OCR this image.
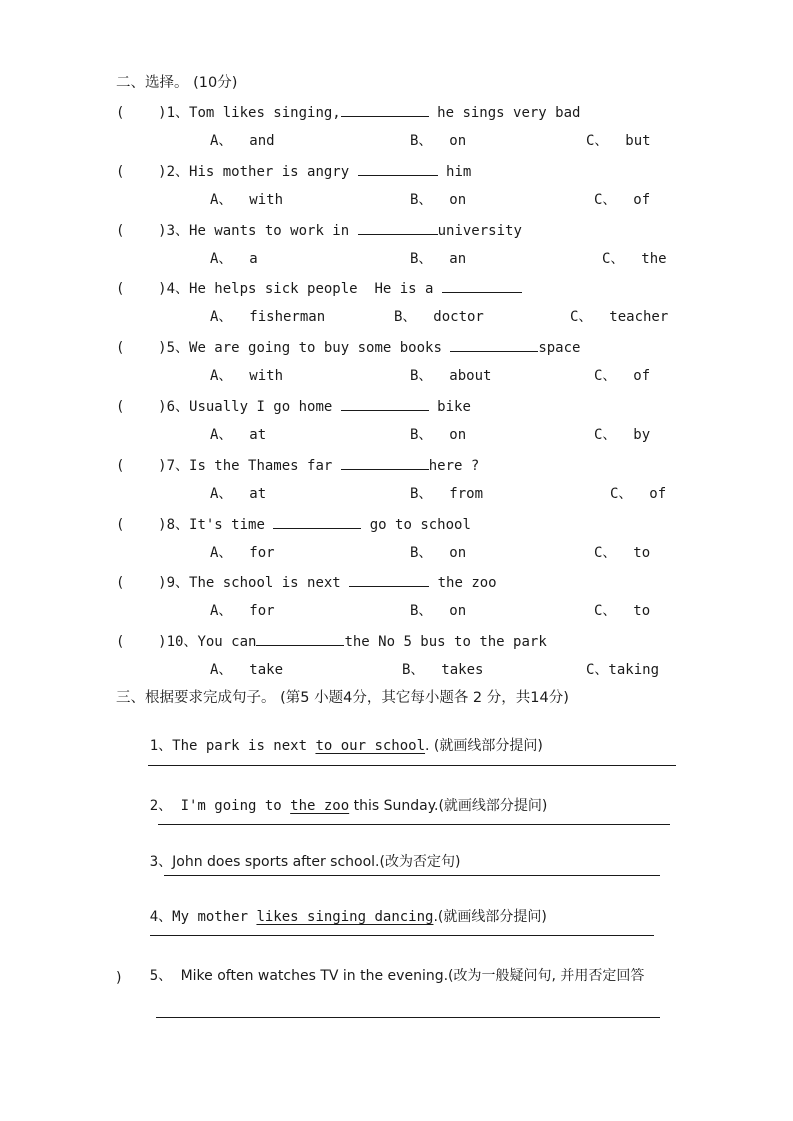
二、选择。 (10分)
(    )1、Tom likes singing,	he sings very bad
A、  and	B、  on	C、  but
(    )2、His mother is angry	him
A、  with	B、  on	C、  of
(    )3、He wants to work in	university
A、  a	B、  an	C、  the
(    )4、He helps sick people  He is a
A、  fisherman	B、  doctor	C、  teacher
(    )5、We are going to buy some books	space
A、  with	B、  about	C、  of
(    )6、Usually I go home	bike
A、  at	B、  on	C、  by
(    )7、Is the Thames far	here ?
A、  at	B、  from	C、  of
(    )8、It's time	go to school
A、  for	B、  on	C、  to
(    )9、The school is next	the zoo
A、  for	B、  on	C、  to
(    )10、You can	the No 5 bus to the park
A、  take	B、  takes	C、taking
三、根据要求完成句子。 (第5 小题4分，其它每小题各 2 分，共14分)

1、The park is next to our school. (就画线部分提问)

2、 I'm going to the zoo this Sunday.(就画线部分提问)

3、John does sports after school.(改为否定句)

4、My mother likes singing dancing.(就画线部分提问)

5、 Mike often watches TV in the evening.(改为一般疑问句, 并用否定回答

)
